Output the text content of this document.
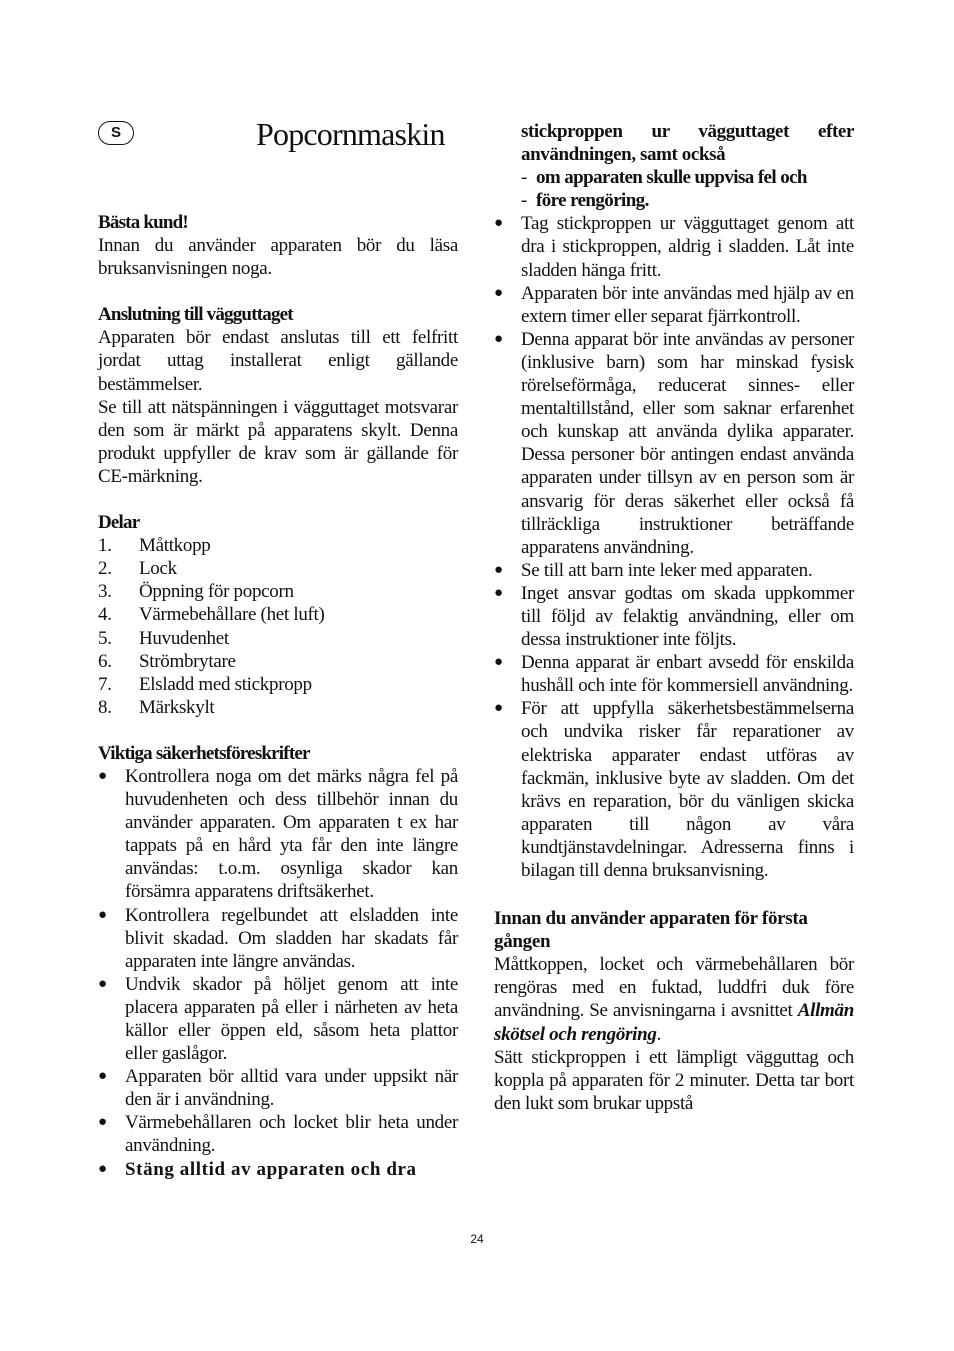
S	Popcornmaskin

Bästa kund!

Innan du använder apparaten bör du läsa bruksanvisningen noga.

Anslutning till vägguttaget

Apparaten bör endast anslutas till ett felfritt jordat uttag installerat enligt gällande bestämmelser.

Se till att nätspänningen i vägguttaget motsvarar den som är märkt på apparatens skylt. Denna produkt uppfyller de krav som är gällande för CE-märkning.

Delar

1.	Måttkopp
2.	Lock
3.	Öppning för popcorn
4.	Värmebehållare (het luft)
5.	Huvudenhet
6.	Strömbrytare
7.	Elsladd med stickpropp
8.	Märkskylt

Viktiga säkerhetsföreskrifter

● Kontrollera noga om det märks några fel på huvudenheten och dess tillbehör innan du använder apparaten. Om apparaten t ex har tappats på en hård yta får den inte längre användas: t.o.m. osynliga skador kan försämra apparatens driftsäkerhet.
● Kontrollera regelbundet att elsladden inte blivit skadad. Om sladden har skadats får apparaten inte längre användas.
● Undvik skador på höljet genom att inte placera apparaten på eller i närheten av heta källor eller öppen eld, såsom heta plattor eller gaslågor.
● Apparaten bör alltid vara under uppsikt när den är i användning.
● Värmebehållaren och locket blir heta under användning.
● Stäng alltid av apparaten och dra

stickproppen ur vägguttaget efter användningen, samt också

- om apparaten skulle uppvisa fel och
- före rengöring.
● Tag stickproppen ur vägguttaget genom att dra i stickproppen, aldrig i sladden. Låt inte sladden hänga fritt.
● Apparaten bör inte användas med hjälp av en extern timer eller separat fjärrkontroll.
● Denna apparat bör inte användas av personer (inklusive barn) som har minskad fysisk rörelseförmåga, reducerat sinnes- eller mentaltillstånd, eller som saknar erfarenhet och kunskap att använda dylika apparater. Dessa personer bör antingen endast använda apparaten under tillsyn av en person som är ansvarig för deras säkerhet eller också få tillräckliga instruktioner beträffande apparatens användning.
● Se till att barn inte leker med apparaten.
● Inget ansvar godtas om skada uppkommer till följd av felaktig användning, eller om dessa instruktioner inte följts.
● Denna apparat är enbart avsedd för enskilda hushåll och inte för kommersiell användning.
● För att uppfylla säkerhetsbestämmelserna och undvika risker får reparationer av elektriska apparater endast utföras av fackmän, inklusive byte av sladden. Om det krävs en reparation, bör du vänligen skicka apparaten till någon av våra kundtjänstavdelningar. Adresserna finns i bilagan till denna bruksanvisning.

Innan du använder apparaten för första gången

Måttkoppen, locket och värmebehållaren bör rengöras med en fuktad, luddfri duk före användning. Se anvisningarna i avsnittet Allmän skötsel och rengöring.

Sätt stickproppen i ett lämpligt vägguttag och koppla på apparaten för 2 minuter. Detta tar bort den lukt som brukar uppstå

24
